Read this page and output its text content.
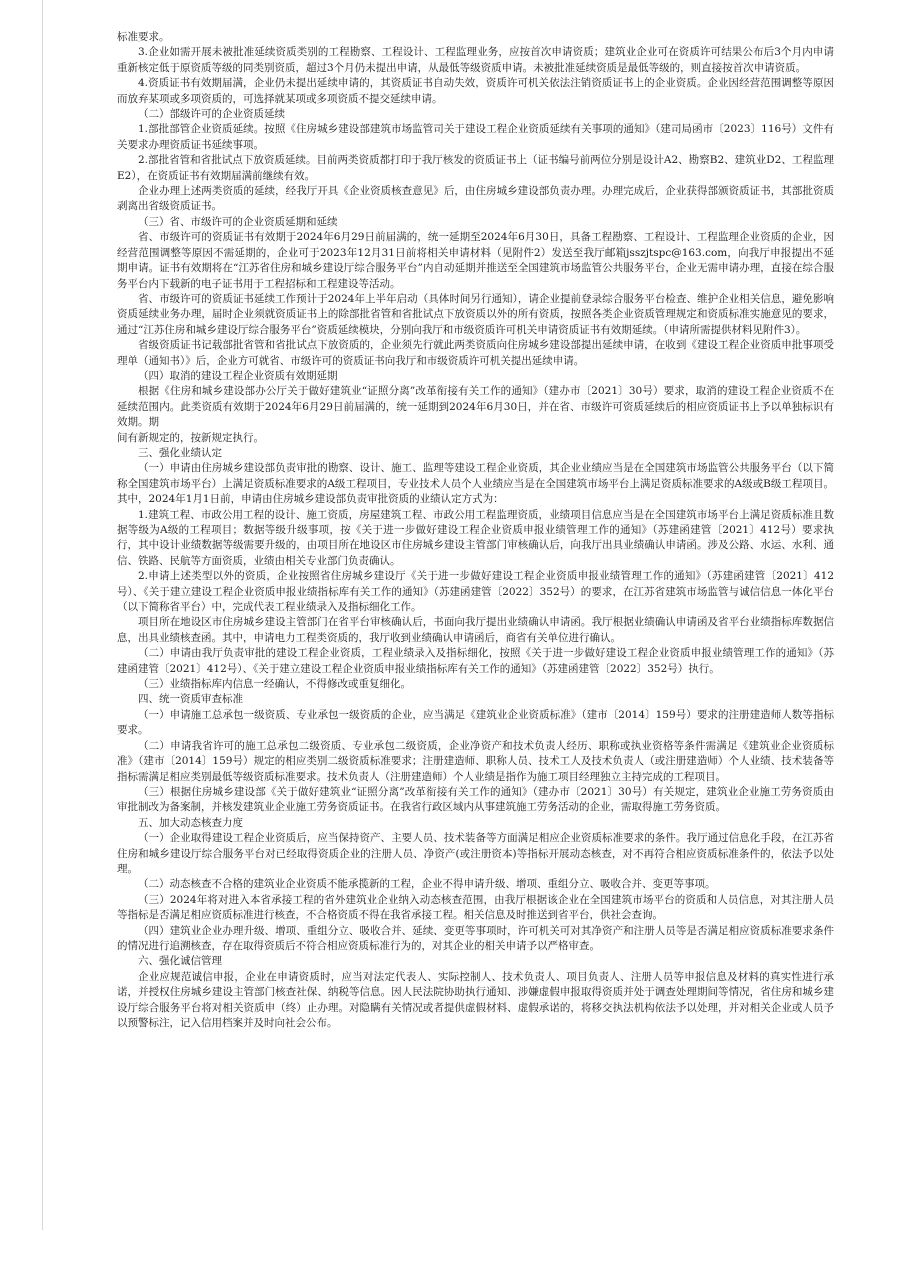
标准要求。

3.企业如需开展未被批准延续资质类别的工程勘察、工程设计、工程监理业务，应按首次申请资质；建筑业企业可在资质许可结果公布后3个月内申请重新核定低于原资质等级的同类别资质，超过3个月仍未提出申请，从最低等级资质申请。未被批准延续资质是最低等级的，则直接按首次申请资质。

4.资质证书有效期届满，企业仍未提出延续申请的，其资质证书自动失效，资质许可机关依法注销资质证书上的企业资质。企业因经营范围调整等原因而放弃某项或多项资质的，可选择就某项或多项资质不提交延续申请。

（二）部级许可的企业资质延续

1.部批部管企业资质延续。按照《住房城乡建设部建筑市场监管司关于建设工程企业资质延续有关事项的通知》（建司局函市〔2023〕116号）文件有关要求办理资质证书延续事项。

2.部批省管和省批试点下放资质延续。目前两类资质都打印于我厅核发的资质证书上（证书编号前两位分别是设计A2、勘察B2、建筑业D2、工程监理E2），在资质证书有效期届满前继续有效。

企业办理上述两类资质的延续，经我厅开具《企业资质核查意见》后，由住房城乡建设部负责办理。办理完成后，企业获得部颁资质证书，其部批资质剥离出省级资质证书。

（三）省、市级许可的企业资质延期和延续

省、市级许可的资质证书有效期于2024年6月29日前届满的，统一延期至2024年6月30日，具备工程勘察、工程设计、工程监理企业资质的企业，因经营范围调整等原因不需延期的，企业可于2023年12月31日前将相关申请材料（见附件2）发送至我厅邮箱jsszjtspc@163.com，向我厅申报提出不延期申请。证书有效期将在“江苏省住房和城乡建设厅综合服务平台”内自动延期并推送至全国建筑市场监管公共服务平台，企业无需申请办理，直接在综合服务平台内下载新的电子证书用于工程招标和工程建设等活动。

省、市级许可的资质证书延续工作预计于2024年上半年启动（具体时间另行通知），请企业提前登录综合服务平台检查、维护企业相关信息，避免影响资质延续业务办理，届时企业须就资质证书上的除部批省管和省批试点下放资质以外的所有资质，按照各类企业资质管理规定和资质标准实施意见的要求，通过“江苏住房和城乡建设厅综合服务平台”资质延续模块，分别向我厅和市级资质许可机关申请资质证书有效期延续。（申请所需提供材料见附件3）。

省级资质证书记载部批省管和省批试点下放资质的，企业须先行就此两类资质向住房城乡建设部提出延续申请，在收到《建设工程企业资质申批事项受理单（通知书）》后，企业方可就省、市级许可的资质证书向我厅和市级资质许可机关提出延续申请。

（四）取消的建设工程企业资质有效期延期

根据《住房和城乡建设部办公厅关于做好建筑业“证照分离”改革衔接有关工作的通知》（建办市〔2021〕30号）要求，取消的建设工程企业资质不在延续范围内。此类资质有效期于2024年6月29日前届满的，统一延期到2024年6月30日，并在省、市级许可资质延续后的相应资质证书上予以单独标识有效期。期

间有新规定的，按新规定执行。

三、强化业绩认定

（一）申请由住房城乡建设部负责审批的勘察、设计、施工、监理等建设工程企业资质，其企业业绩应当是在全国建筑市场监管公共服务平台（以下简称全国建筑市场平台）上满足资质标准要求的A级工程项目，专业技术人员个人业绩应当是在全国建筑市场平台上满足资质标准要求的A级或B级工程项目。其中，2024年1月1日前，申请由住房城乡建设部负责审批资质的业绩认定方式为：

1.建筑工程、市政公用工程的设计、施工资质，房屋建筑工程、市政公用工程监理资质，业绩项目信息应当是在全国建筑市场平台上满足资质标准且数据等级为A级的工程项目；数据等级升级事项，按《关于进一步做好建设工程企业资质申报业绩管理工作的通知》（苏建函建管〔2021〕412号）要求执行，其中设计业绩数据等级需要升级的，由项目所在地设区市住房城乡建设主管部门审核确认后，向我厅出具业绩确认申请函。涉及公路、水运、水利、通信、铁路、民航等方面资质，业绩由相关专业部门负责确认。

2.申请上述类型以外的资质，企业按照省住房城乡建设厅《关于进一步做好建设工程企业资质申报业绩管理工作的通知》（苏建函建管〔2021〕412号）、《关于建立建设工程企业资质申报业绩指标库有关工作的通知》（苏建函建管〔2022〕352号）的要求，在江苏省建筑市场监管与诚信信息一体化平台（以下简称省平台）中，完成代表工程业绩录入及指标细化工作。

项目所在地设区市住房城乡建设主管部门在省平台审核确认后，书面向我厅提出业绩确认申请函。我厅根据业绩确认申请函及省平台业绩指标库数据信息，出具业绩核查函。其中，申请电力工程类资质的，我厅收到业绩确认申请函后，商省有关单位进行确认。

（二）申请由我厅负责审批的建设工程企业资质，工程业绩录入及指标细化，按照《关于进一步做好建设工程企业资质申报业绩管理工作的通知》（苏建函建管〔2021〕412号）、《关于建立建设工程企业资质申报业绩指标库有关工作的通知》（苏建函建管〔2022〕352号）执行。

（三）业绩指标库内信息一经确认，不得修改或重复细化。

四、统一资质审查标准

（一）申请施工总承包一级资质、专业承包一级资质的企业，应当满足《建筑业企业资质标准》（建市〔2014〕159号）要求的注册建造师人数等指标要求。

（二）申请我省许可的施工总承包二级资质、专业承包二级资质，企业净资产和技术负责人经历、职称或执业资格等条件需满足《建筑业企业资质标准》（建市〔2014〕159号）规定的相应类别二级资质标准要求；注册建造师、职称人员、技术工人及技术负责人（或注册建造师）个人业绩、技术装备等指标需满足相应类别最低等级资质标准要求。技术负责人（注册建造师）个人业绩是指作为施工项目经理独立主持完成的工程项目。

（三）根据住房城乡建设部《关于做好建筑业“证照分离”改革衔接有关工作的通知》（建办市〔2021〕30号）有关规定，建筑业企业施工劳务资质由审批制改为备案制，并核发建筑业企业施工劳务资质证书。在我省行政区域内从事建筑施工劳务活动的企业，需取得施工劳务资质。

五、加大动态核查力度

（一）企业取得建设工程企业资质后，应当保持资产、主要人员、技术装备等方面满足相应企业资质标准要求的条件。我厅通过信息化手段，在江苏省住房和城乡建设厅综合服务平台对已经取得资质企业的注册人员、净资产(或注册资本)等指标开展动态核查，对不再符合相应资质标准条件的，依法予以处理。

（二）动态核查不合格的建筑业企业资质不能承揽新的工程，企业不得申请升级、增项、重组分立、吸收合并、变更等事项。

（三）2024年将对进入本省承接工程的省外建筑业企业纳入动态核查范围，由我厅根据该企业在全国建筑市场平台的资质和人员信息，对其注册人员等指标是否满足相应资质标准进行核查，不合格资质不得在我省承接工程。相关信息及时推送到省平台，供社会查询。

（四）建筑业企业办理升级、增项、重组分立、吸收合并、延续、变更等事项时，许可机关可对其净资产和注册人员等是否满足相应资质标准要求条件的情况进行追溯核查，存在取得资质后不符合相应资质标准行为的，对其企业的相关申请予以严格审查。

六、强化诚信管理

企业应规范诚信申报，企业在申请资质时，应当对法定代表人、实际控制人、技术负责人、项目负责人、注册人员等申报信息及材料的真实性进行承诺，并授权住房城乡建设主管部门核查社保、纳税等信息。因人民法院协助执行通知、涉嫌虚假申报取得资质并处于调查处理期间等情况，省住房和城乡建设厅综合服务平台将对相关资质申（终）止办理。对隐瞒有关情况或者提供虚假材料、虚假承诺的，将移交执法机构依法予以处理，并对相关企业或人员予以预警标注，记入信用档案并及时向社会公布。
